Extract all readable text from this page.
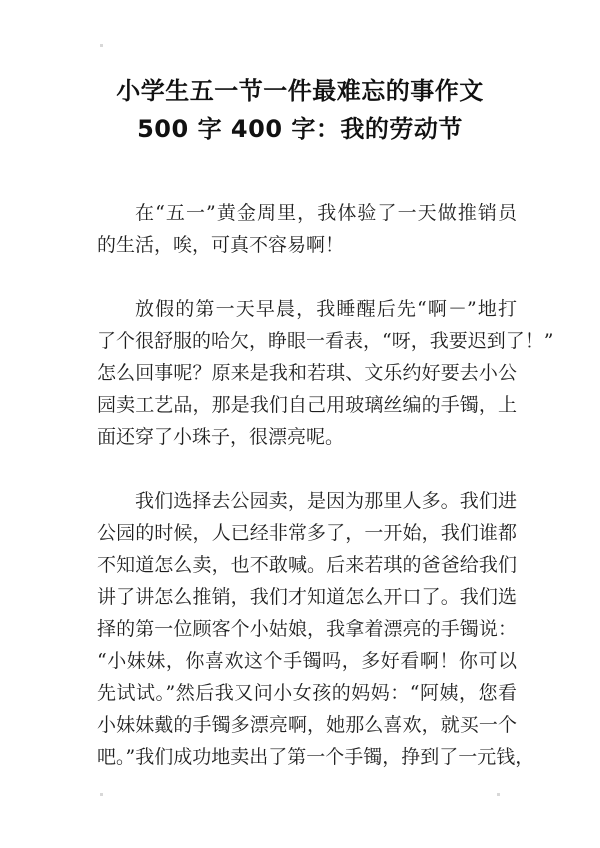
小学生五一节一件最难忘的事作文
500 字 400 字：我的劳动节

在“五一”黄金周里，我体验了一天做推销员
的生活，唉，可真不容易啊！

放假的第一天早晨，我睡醒后先“啊－”地打
了个很舒服的哈欠，睁眼一看表，“呀，我要迟到了！”
怎么回事呢？原来是我和若琪、文乐约好要去小公
园卖工艺品，那是我们自己用玻璃丝编的手镯，上
面还穿了小珠子，很漂亮呢。

我们选择去公园卖，是因为那里人多。我们进
公园的时候，人已经非常多了，一开始，我们谁都
不知道怎么卖，也不敢喊。后来若琪的爸爸给我们
讲了讲怎么推销，我们才知道怎么开口了。我们选
择的第一位顾客个小姑娘，我拿着漂亮的手镯说：
“小妹妹，你喜欢这个手镯吗，多好看啊！你可以
先试试。”然后我又问小女孩的妈妈：“阿姨，您看
小妹妹戴的手镯多漂亮啊，她那么喜欢，就买一个
吧。”我们成功地卖出了第一个手镯，挣到了一元钱，
